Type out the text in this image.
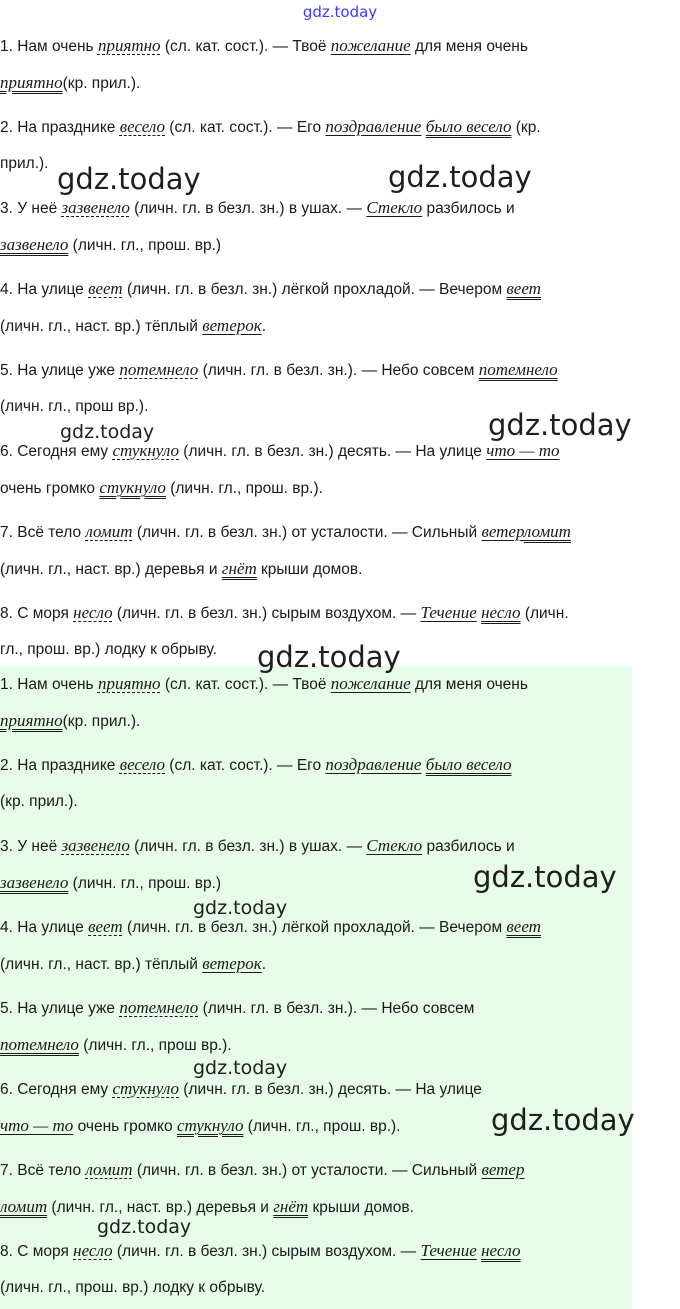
gdz.today
1. Нам очень приятно (сл. кат. сост.). — Твоё пожелание для меня очень
приятно(кр. прил.).
2. На празднике весело (сл. кат. сост.). — Его поздравление было весело (кр.
прил.).
3. У неё зазвенело (личн. гл. в безл. зн.) в ушах. — Стекло разбилось и
зазвенело (личн. гл., прош. вр.)
4. На улице веет (личн. гл. в безл. зн.) лёгкой прохладой. — Вечером веет
(личн. гл., наст. вр.) тёплый ветерок.
5. На улице уже потемнело (личн. гл. в безл. зн.). — Небо совсем потемнело
(личн. гл., прош вр.).
6. Сегодня ему стукнуло (личн. гл. в безл. зн.) десять. — На улице что — то
очень громко стукнуло (личн. гл., прош. вр.).
7. Всё тело ломит (личн. гл. в безл. зн.) от усталости. — Сильный ветерломит
(личн. гл., наст. вр.) деревья и гнёт крыши домов.
8. С моря несло (личн. гл. в безл. зн.) сырым воздухом. — Течение несло (личн.
гл., прош. вр.) лодку к обрыву.
1. Нам очень приятно (сл. кат. сост.). — Твоё пожелание для меня очень
приятно(кр. прил.).
2. На празднике весело (сл. кат. сост.). — Его поздравление было весело
(кр. прил.).
3. У неё зазвенело (личн. гл. в безл. зн.) в ушах. — Стекло разбилось и
зазвенело (личн. гл., прош. вр.)
4. На улице веет (личн. гл. в безл. зн.) лёгкой прохладой. — Вечером веет
(личн. гл., наст. вр.) тёплый ветерок.
5. На улице уже потемнело (личн. гл. в безл. зн.). — Небо совсем
потемнело (личн. гл., прош вр.).
6. Сегодня ему стукнуло (личн. гл. в безл. зн.) десять. — На улице
что — то очень громко стукнуло (личн. гл., прош. вр.).
7. Всё тело ломит (личн. гл. в безл. зн.) от усталости. — Сильный ветер
ломит (личн. гл., наст. вр.) деревья и гнёт крыши домов.
8. С моря несло (личн. гл. в безл. зн.) сырым воздухом. — Течение несло
(личн. гл., прош. вр.) лодку к обрыву.
gdz.today	gdz.today
gdz.today	gdz.today
gdz.today
gdz.today
gdz.today
gdz.today
gdz.today
gdz.today
